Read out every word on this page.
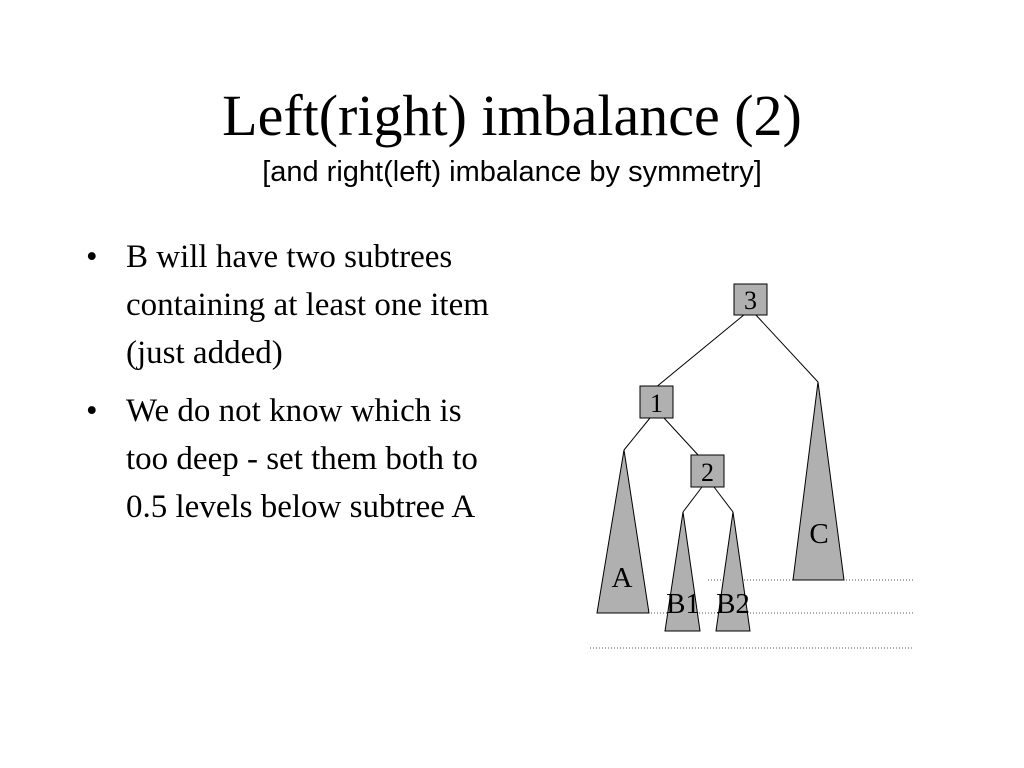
Left(right) imbalance (2)
[and right(left) imbalance by symmetry]
• B will have two subtrees containing at least one item (just added)
• We do not know which is too deep - set them both to 0.5 levels below subtree A
3
1
2
A
B1 B2
C
